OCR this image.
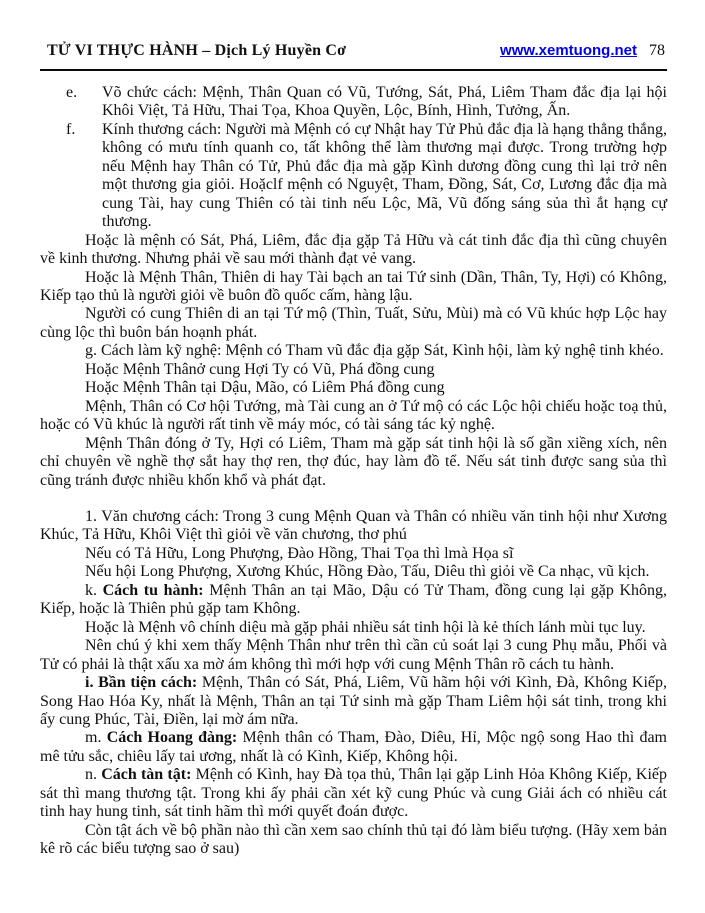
TỬ VI THỰC HÀNH – Dịch Lý Huyền Cơ	www.xemtuong.net 78
e. Võ chức cách: Mệnh, Thân Quan có Vũ, Tướng, Sát, Phá, Liêm Tham đắc địa lại hội Khôi Việt, Tả Hữu, Thai Tọa, Khoa Quyền, Lộc, Bính, Hình, Tưởng, Ấn.
f. Kính thương cách: Người mà Mệnh có cự Nhật hay Tử Phủ đắc địa là hạng thẳng thắng, không có mưu tính quanh co, tất không thể làm thương mại được. Trong trường hợp nếu Mệnh hay Thân có Tử, Phủ đắc địa mà gặp Kình dương đồng cung thì lại trở nên một thương gia giỏi. Hoặclf mệnh có Nguyệt, Tham, Đồng, Sát, Cơ, Lương đắc địa mà cung Tài, hay cung Thiên có tài tinh nếu Lộc, Mã, Vũ đống sáng sủa thì ắt hạng cự thương.

Hoặc là mệnh có Sát, Phá, Liêm, đắc địa gặp Tả Hữu và cát tinh đắc địa thì cũng chuyên về kinh thương. Nhưng phải về sau mới thành đạt vẻ vang.

Hoặc là Mệnh Thân, Thiên di hay Tài bạch an tai Tứ sinh (Dần, Thân, Ty, Hợi) có Không, Kiếp tạo thủ là người giỏi về buôn đồ quốc cấm, hàng lậu.

Người có cung Thiên di an tại Tứ mộ (Thìn, Tuất, Sửu, Mùi) mà có Vũ khúc hợp Lộc hay cùng lộc thì buôn bán hoạnh phát.

g. Cách làm kỹ nghệ: Mệnh có Tham vũ đắc địa gặp Sát, Kình hội, làm kỷ nghệ tinh khéo.

Hoặc Mệnh Thânở cung Hợi Ty có Vũ, Phá đồng cung

Hoặc Mệnh Thân tại Dậu, Mão, có Liêm Phá đồng cung

Mệnh, Thân có Cơ hội Tướng, mà Tài cung an ở Tứ mộ có các Lộc hội chiếu hoặc toạ thủ, hoặc có Vũ khúc là người rất tinh về máy móc, có tài sáng tác kỷ nghệ.

Mệnh Thân đóng ở Ty, Hợi có Liêm, Tham mà gặp sát tinh hội là số gần xiềng xích, nên chỉ chuyên về nghề thợ sắt hay thợ ren, thợ đúc, hay làm đồ tể. Nếu sát tinh được sang sủa thì cũng tránh được nhiều khốn khổ và phát đạt.

1. Văn chương cách: Trong 3 cung Mệnh Quan và Thân có nhiều văn tinh hội như Xương Khúc, Tả Hữu, Khôi Việt thì giỏi về văn chương, thơ phú

Nếu có Tả Hữu, Long Phượng, Đào Hồng, Thai Tọa thì lmà Họa sĩ

Nếu hội Long Phượng, Xương Khúc, Hồng Đào, Tấu, Diêu thì giỏi về Ca nhạc, vũ kịch.

k. Cách tu hành: Mệnh Thân an tại Mão, Dậu có Tử Tham, đồng cung lại gặp Không, Kiếp, hoặc là Thiên phủ gặp tam Không.

Hoặc là Mệnh vô chính diệu mà gặp phải nhiều sát tinh hội là kẻ thích lánh mùi tục luy.

Nên chú ý khi xem thấy Mệnh Thân như trên thì cần củ soát lại 3 cung Phụ mẫu, Phối và Tử có phải là thật xấu xa mờ ám không thì mới hợp với cung Mệnh Thân rõ cách tu hành.

i. Bần tiện cách: Mệnh, Thân có Sát, Phá, Liêm, Vũ hãm hội với Kình, Đà, Không Kiếp, Song Hao Hóa Ky, nhất là Mệnh, Thân an tại Tứ sinh mà gặp Tham Liêm hội sát tinh, trong khi ấy cung Phúc, Tài, Điền, lại mờ ám nữa.

m. Cách Hoang đàng: Mệnh thân có Tham, Đào, Diêu, Hỉ, Mộc ngộ song Hao thì đam mê tửu sắc, chiêu lấy tai ương, nhất là có Kình, Kiếp, Không hội.

n. Cách tàn tật: Mệnh có Kình, hay Đà tọa thủ, Thân lại gặp Linh Hỏa Không Kiếp, Kiếp sát thì mang thương tật. Trong khi ấy phải cần xét kỹ cung Phúc và cung Giải ách có nhiều cát tinh hay hung tinh, sát tinh hãm thì mới quyết đoán được.

Còn tật ách về bộ phần nào thì cần xem sao chính thủ tại đó làm biểu tượng. (Hãy xem bản kê rõ các biểu tượng sao ở sau)
